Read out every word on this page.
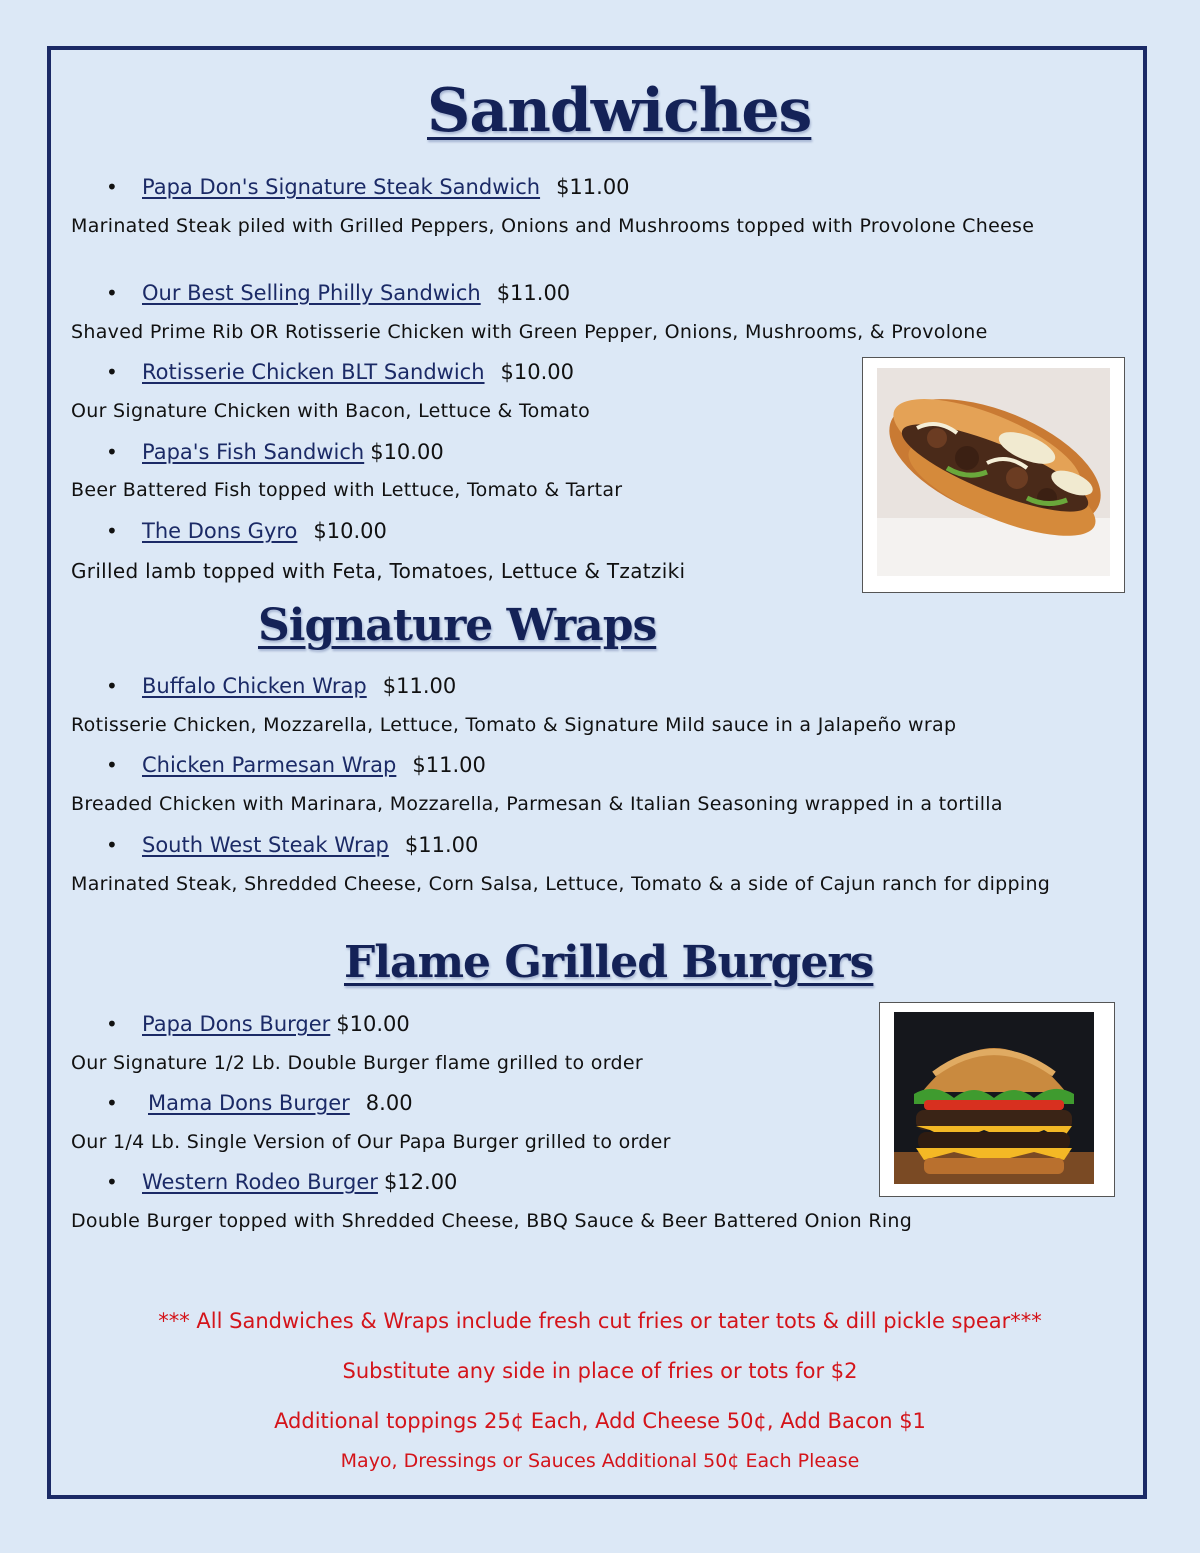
Sandwiches
• Papa Don's Signature Steak Sandwich $11.00
Marinated Steak piled with Grilled Peppers, Onions and Mushrooms topped with Provolone Cheese
• Our Best Selling Philly Sandwich $11.00
Shaved Prime Rib OR Rotisserie Chicken with Green Pepper, Onions, Mushrooms, & Provolone
• Rotisserie Chicken BLT Sandwich $10.00
Our Signature Chicken with Bacon, Lettuce & Tomato
• Papa's Fish Sandwich $10.00
Beer Battered Fish topped with Lettuce, Tomato & Tartar
• The Dons Gyro $10.00
Grilled lamb topped with Feta, Tomatoes, Lettuce & Tzatziki
Signature Wraps
• Buffalo Chicken Wrap $11.00
Rotisserie Chicken, Mozzarella, Lettuce, Tomato & Signature Mild sauce in a Jalapeño wrap
• Chicken Parmesan Wrap $11.00
Breaded Chicken with Marinara, Mozzarella, Parmesan & Italian Seasoning wrapped in a tortilla
• South West Steak Wrap $11.00
Marinated Steak, Shredded Cheese, Corn Salsa, Lettuce, Tomato & a side of Cajun ranch for dipping
Flame Grilled Burgers
• Papa Dons Burger $10.00
Our Signature 1/2 Lb. Double Burger flame grilled to order
• Mama Dons Burger 8.00
Our 1/4 Lb. Single Version of Our Papa Burger grilled to order
• Western Rodeo Burger $12.00
Double Burger topped with Shredded Cheese, BBQ Sauce & Beer Battered Onion Ring
*** All Sandwiches & Wraps include fresh cut fries or tater tots & dill pickle spear***
Substitute any side in place of fries or tots for $2
Additional toppings 25¢ Each, Add Cheese 50¢, Add Bacon $1
Mayo, Dressings or Sauces Additional 50¢ Each Please
